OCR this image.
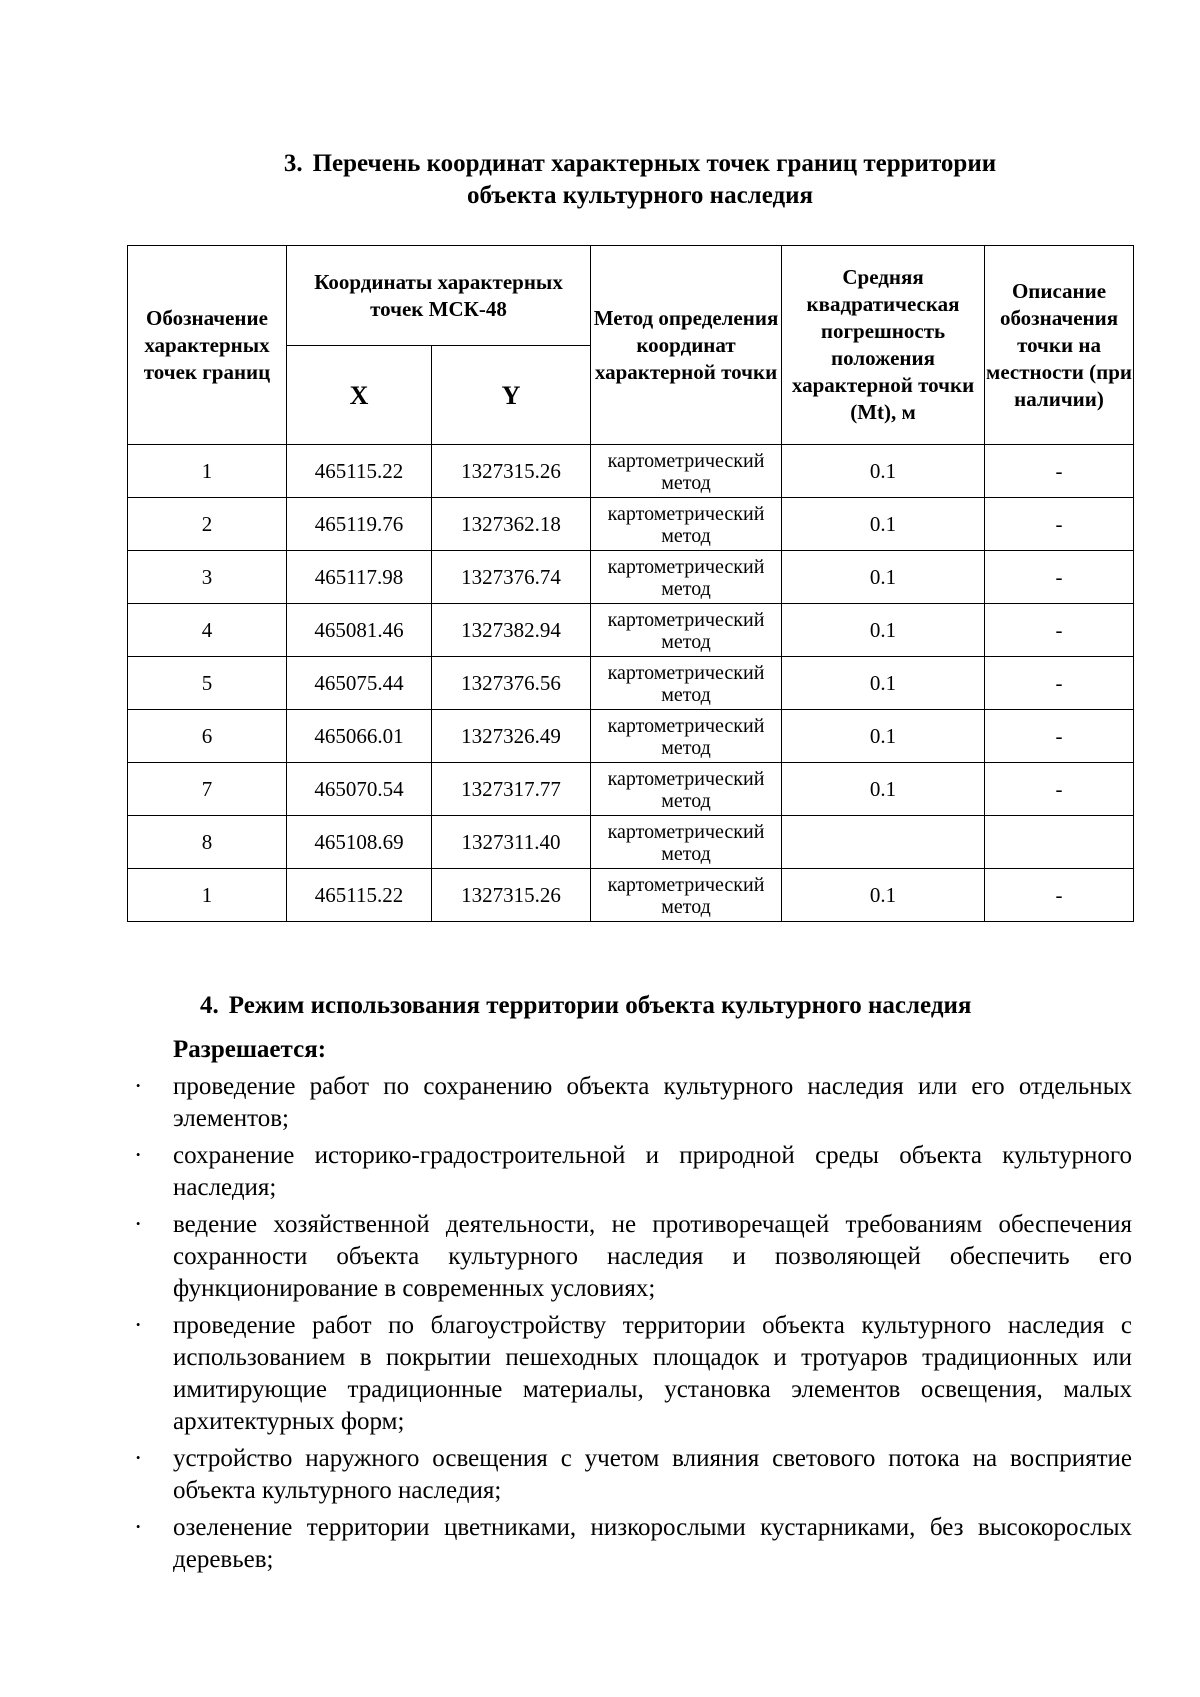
3. Перечень координат характерных точек границ территории
объекта культурного наследия
Обозначение характерных точек границ	Координаты характерных точек МСК-48		Метод определения координат характерной точки	Средняя квадратическая погрешность положения характерной точки (Mt), м	Описание обозначения точки на местности (при наличии)

	X	Y			
1	465115.22	1327315.26	картометрический метод	0.1	-
2	465119.76	1327362.18	картометрический метод	0.1	-
3	465117.98	1327376.74	картометрический метод	0.1	-
4	465081.46	1327382.94	картометрический метод	0.1	-
5	465075.44	1327376.56	картометрический метод	0.1	-
6	465066.01	1327326.49	картометрический метод	0.1	-
7	465070.54	1327317.77	картометрический метод	0.1	-
8	465108.69	1327311.40	картометрический метод		

1	465115.22	1327315.26	картометрический метод	0.1	-
4. Режим использования территории объекта культурного наследия
Разрешается:
· проведение работ по сохранению объекта культурного наследия или его отдельных элементов;
· сохранение историко-градостроительной и природной среды объекта культурного наследия;
· ведение хозяйственной деятельности, не противоречащей требованиям обеспечения сохранности объекта культурного наследия и позволяющей обеспечить его функционирование в современных условиях;
· проведение работ по благоустройству территории объекта культурного наследия с использованием в покрытии пешеходных площадок и тротуаров традиционных или имитирующие традиционные материалы, установка элементов освещения, малых архитектурных форм;
· устройство наружного освещения с учетом влияния светового потока на восприятие объекта культурного наследия;
· озеленение территории цветниками, низкорослыми кустарниками, без высокорослых деревьев;
